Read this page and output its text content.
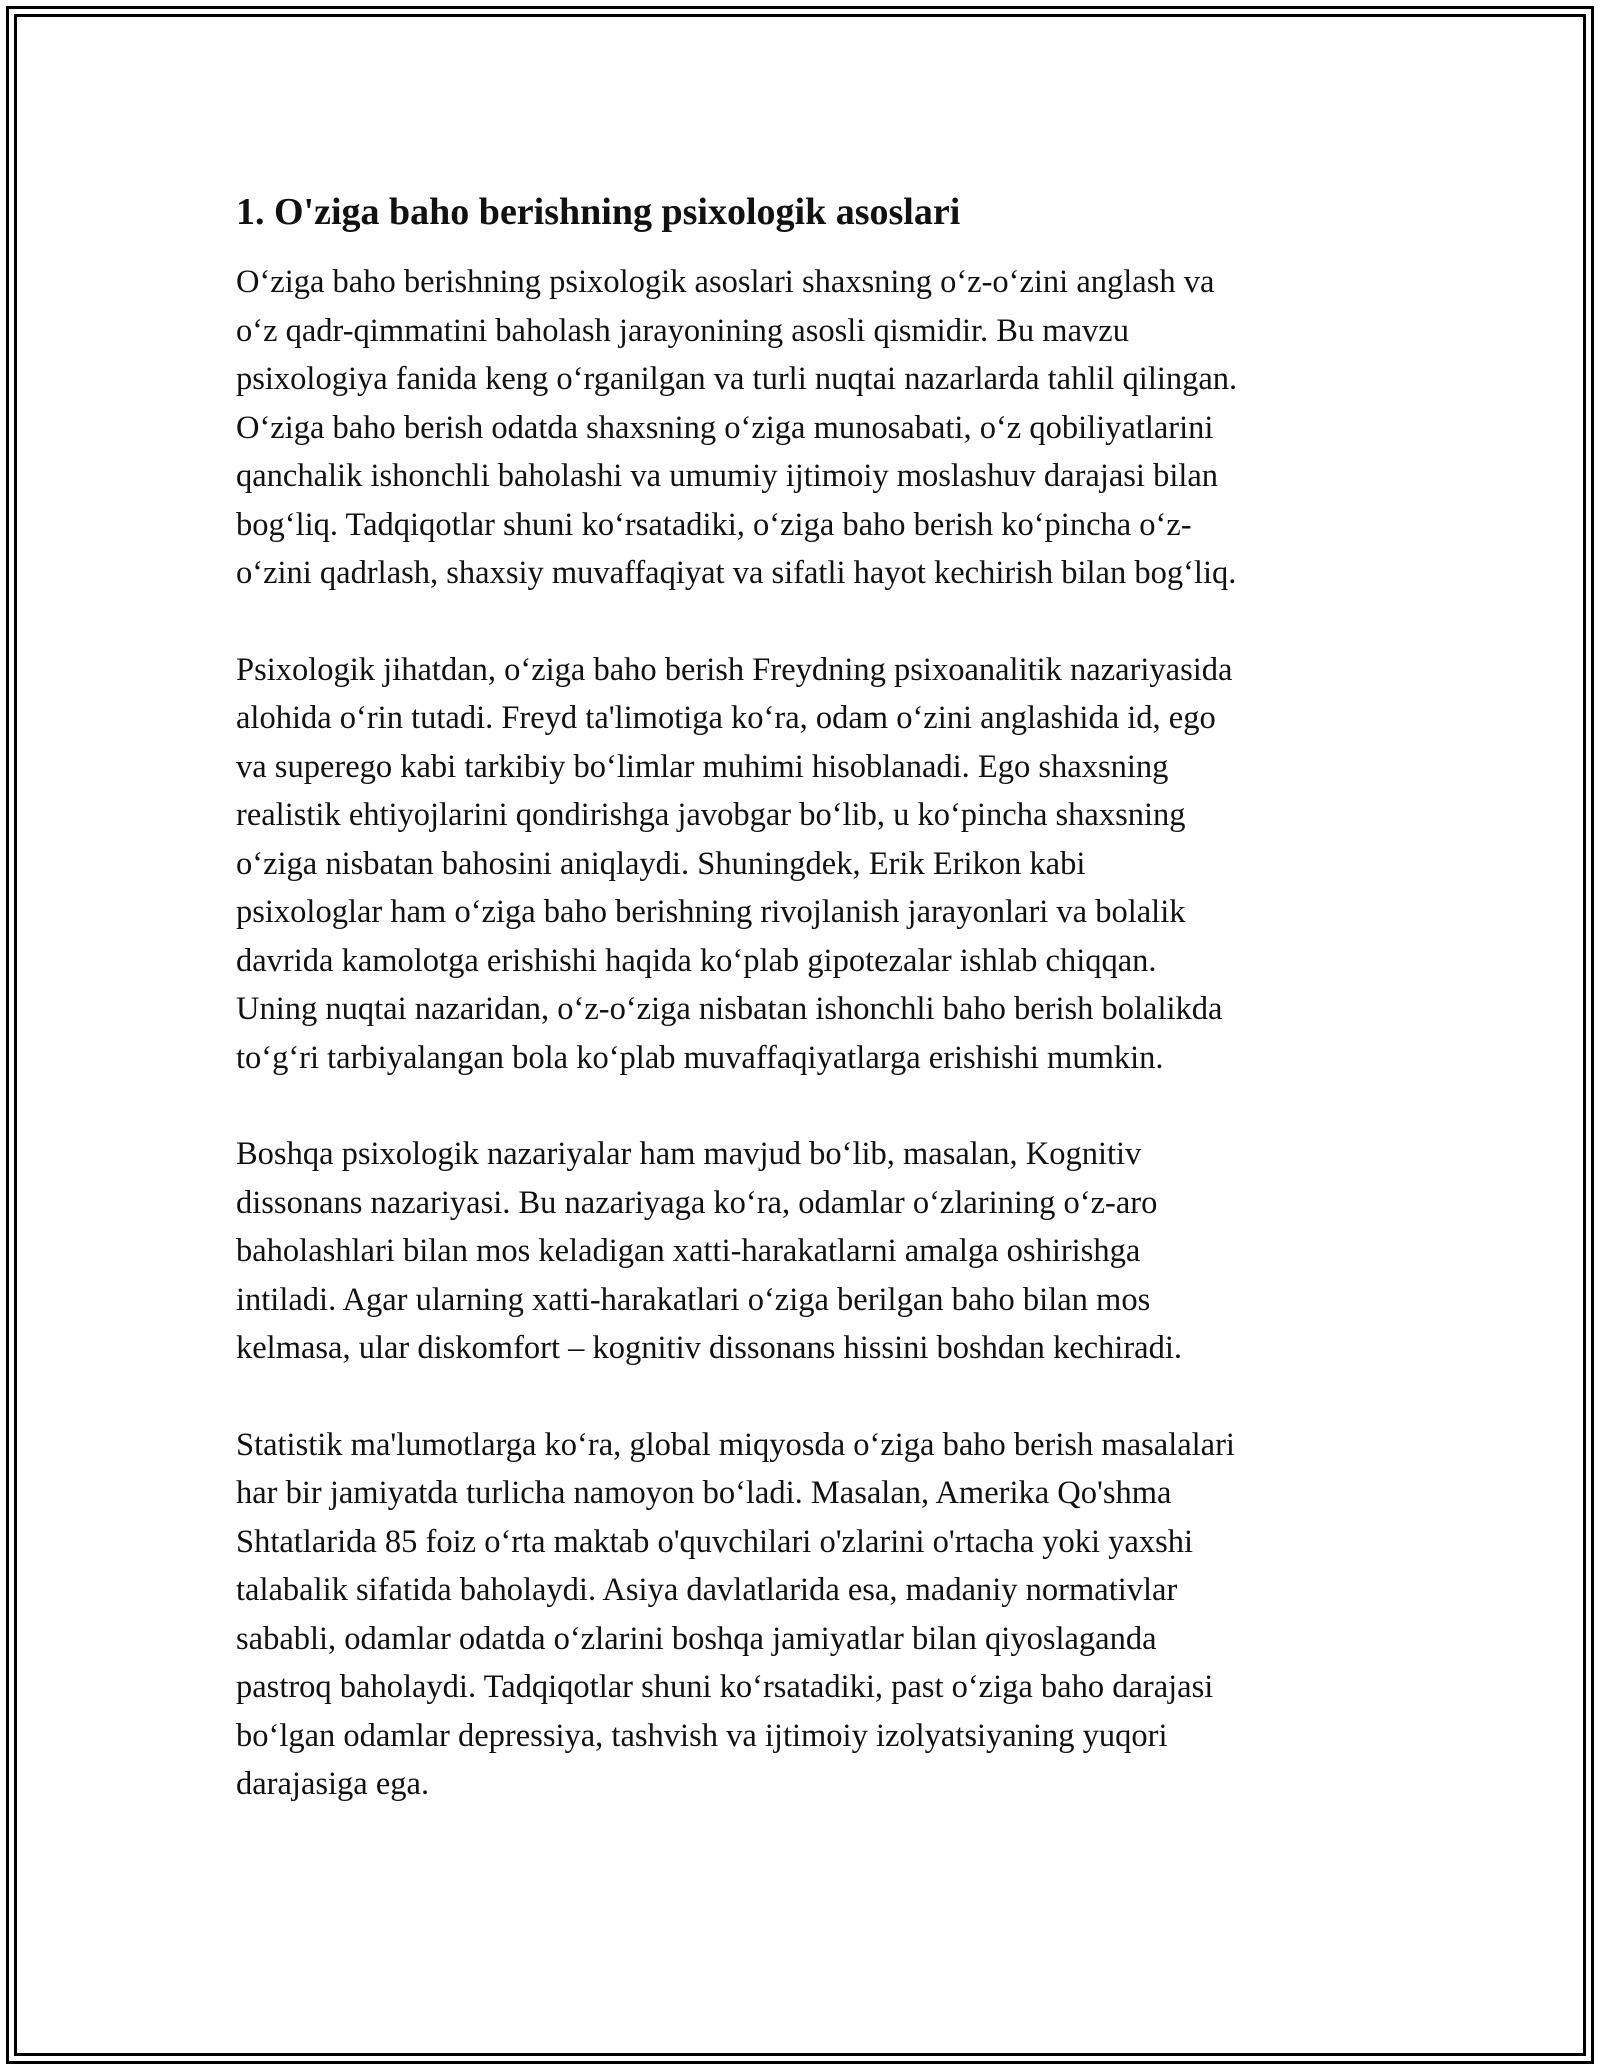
1. O'ziga baho berishning psixologik asoslari

O‘ziga baho berishning psixologik asoslari shaxsning o‘z-o‘zini anglash va
o‘z qadr-qimmatini baholash jarayonining asosli qismidir. Bu mavzu
psixologiya fanida keng o‘rganilgan va turli nuqtai nazarlarda tahlil qilingan.
O‘ziga baho berish odatda shaxsning o‘ziga munosabati, o‘z qobiliyatlarini
qanchalik ishonchli baholashi va umumiy ijtimoiy moslashuv darajasi bilan
bog‘liq. Tadqiqotlar shuni ko‘rsatadiki, o‘ziga baho berish ko‘pincha o‘z-
o‘zini qadrlash, shaxsiy muvaffaqiyat va sifatli hayot kechirish bilan bog‘liq.

Psixologik jihatdan, o‘ziga baho berish Freydning psixoanalitik nazariyasida
alohida o‘rin tutadi. Freyd ta'limotiga ko‘ra, odam o‘zini anglashida id, ego
va superego kabi tarkibiy bo‘limlar muhimi hisoblanadi. Ego shaxsning
realistik ehtiyojlarini qondirishga javobgar bo‘lib, u ko‘pincha shaxsning
o‘ziga nisbatan bahosini aniqlaydi. Shuningdek, Erik Erikon kabi
psixologlar ham o‘ziga baho berishning rivojlanish jarayonlari va bolalik
davrida kamolotga erishishi haqida ko‘plab gipotezalar ishlab chiqqan.
Uning nuqtai nazaridan, o‘z-o‘ziga nisbatan ishonchli baho berish bolalikda
to‘g‘ri tarbiyalangan bola ko‘plab muvaffaqiyatlarga erishishi mumkin.

Boshqa psixologik nazariyalar ham mavjud bo‘lib, masalan, Kognitiv
dissonans nazariyasi. Bu nazariyaga ko‘ra, odamlar o‘zlarining o‘z-aro
baholashlari bilan mos keladigan xatti-harakatlarni amalga oshirishga
intiladi. Agar ularning xatti-harakatlari o‘ziga berilgan baho bilan mos
kelmasa, ular diskomfort – kognitiv dissonans hissini boshdan kechiradi.

Statistik ma'lumotlarga ko‘ra, global miqyosda o‘ziga baho berish masalalari
har bir jamiyatda turlicha namoyon bo‘ladi. Masalan, Amerika Qo'shma
Shtatlarida 85 foiz o‘rta maktab o'quvchilari o'zlarini o'rtacha yoki yaxshi
talabalik sifatida baholaydi. Asiya davlatlarida esa, madaniy normativlar
sababli, odamlar odatda o‘zlarini boshqa jamiyatlar bilan qiyoslaganda
pastroq baholaydi. Tadqiqotlar shuni ko‘rsatadiki, past o‘ziga baho darajasi
bo‘lgan odamlar depressiya, tashvish va ijtimoiy izolyatsiyaning yuqori
darajasiga ega.
